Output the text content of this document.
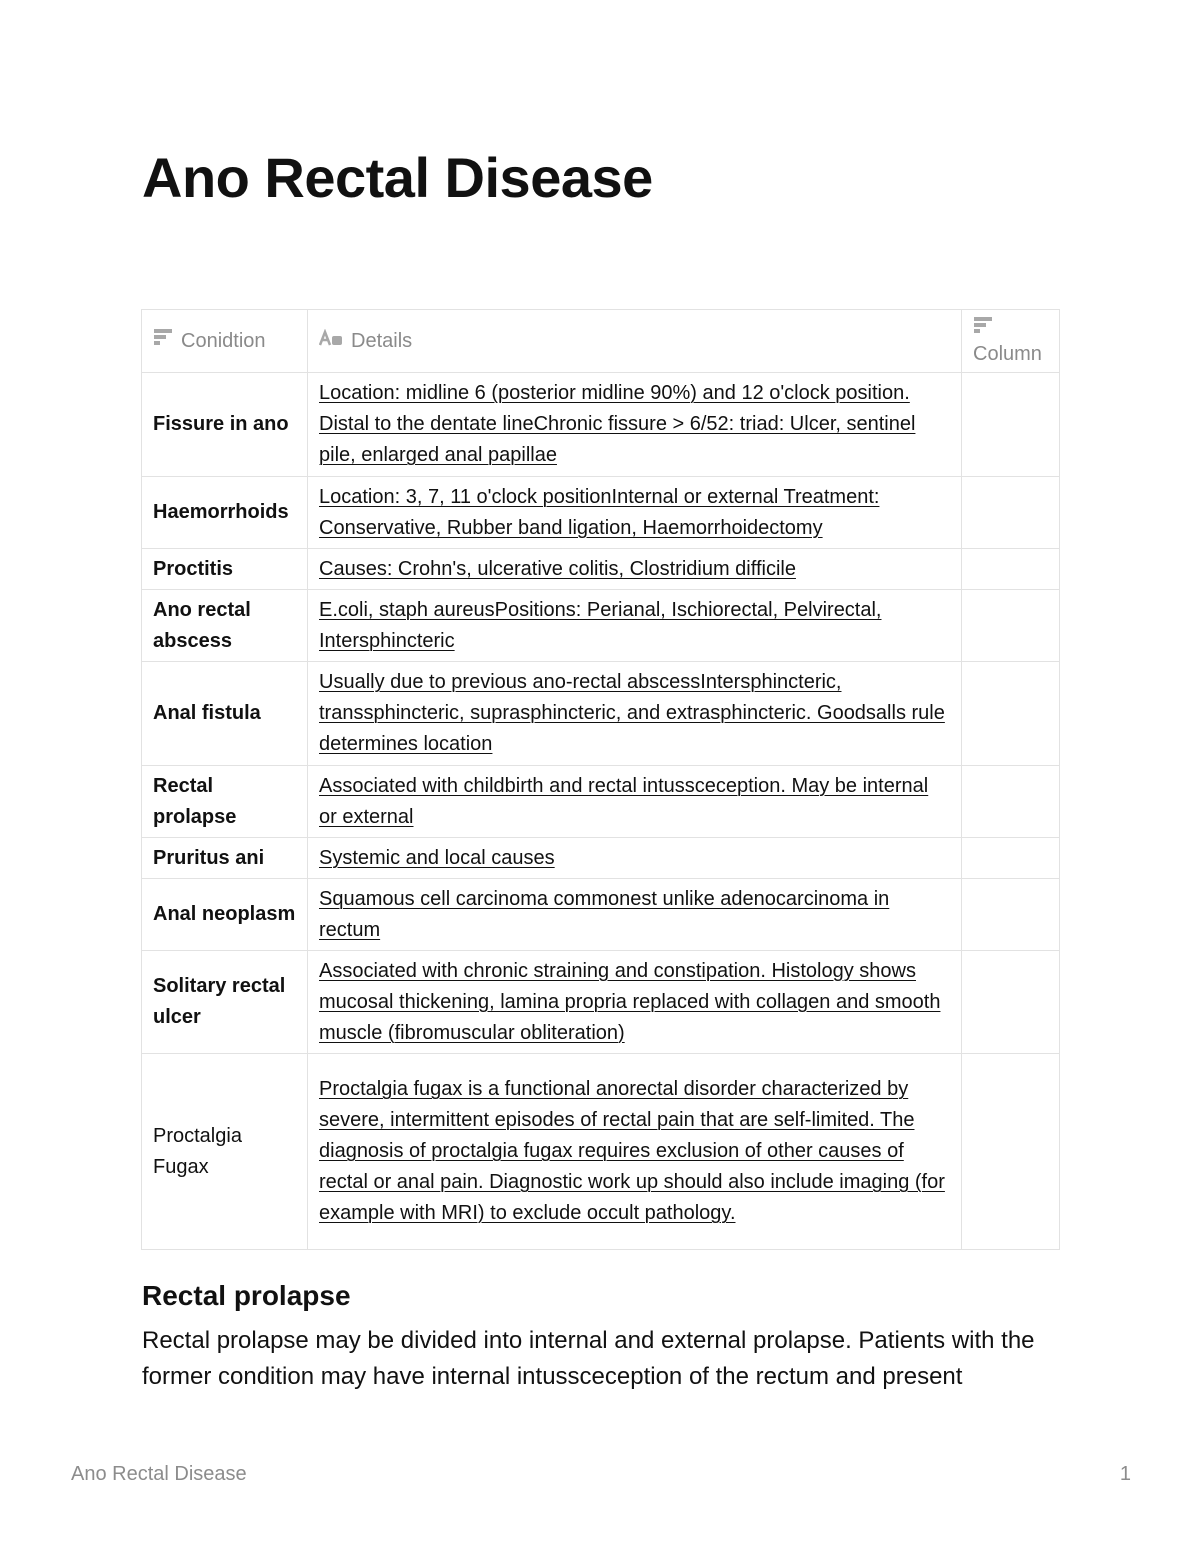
Ano Rectal Disease
Conidtion	Details	Column

Fissure in ano	Location: midline 6 (posterior midline 90%) and 12 o'clock position. Distal to the dentate lineChronic fissure > 6/52: triad: Ulcer, sentinel pile, enlarged anal papillae	
Haemorrhoids	Location: 3, 7, 11 o'clock positionInternal or external Treatment: Conservative, Rubber band ligation, Haemorrhoidectomy	
Proctitis	Causes: Crohn's, ulcerative colitis, Clostridium difficile	
Ano rectal abscess	E.coli, staph aureusPositions: Perianal, Ischiorectal, Pelvirectal, Intersphincteric	
Anal fistula	Usually due to previous ano-rectal abscessIntersphincteric, transsphincteric, suprasphincteric, and extrasphincteric. Goodsalls rule determines location	
Rectal prolapse	Associated with childbirth and rectal intussceception. May be internal or external	
Pruritus ani	Systemic and local causes	
Anal neoplasm	Squamous cell carcinoma commonest unlike adenocarcinoma in rectum	
Solitary rectal ulcer	Associated with chronic straining and constipation. Histology shows mucosal thickening, lamina propria replaced with collagen and smooth muscle (fibromuscular obliteration)	
Proctalgia Fugax	Proctalgia fugax is a functional anorectal disorder characterized by severe, intermittent episodes of rectal pain that are self-limited. The diagnosis of proctalgia fugax requires exclusion of other causes of rectal or anal pain. Diagnostic work up should also include imaging (for example with MRI) to exclude occult pathology.	
Rectal prolapse

Rectal prolapse may be divided into internal and external prolapse. Patients with the former condition may have internal intussceception of the rectum and present

Ano Rectal Disease	1
